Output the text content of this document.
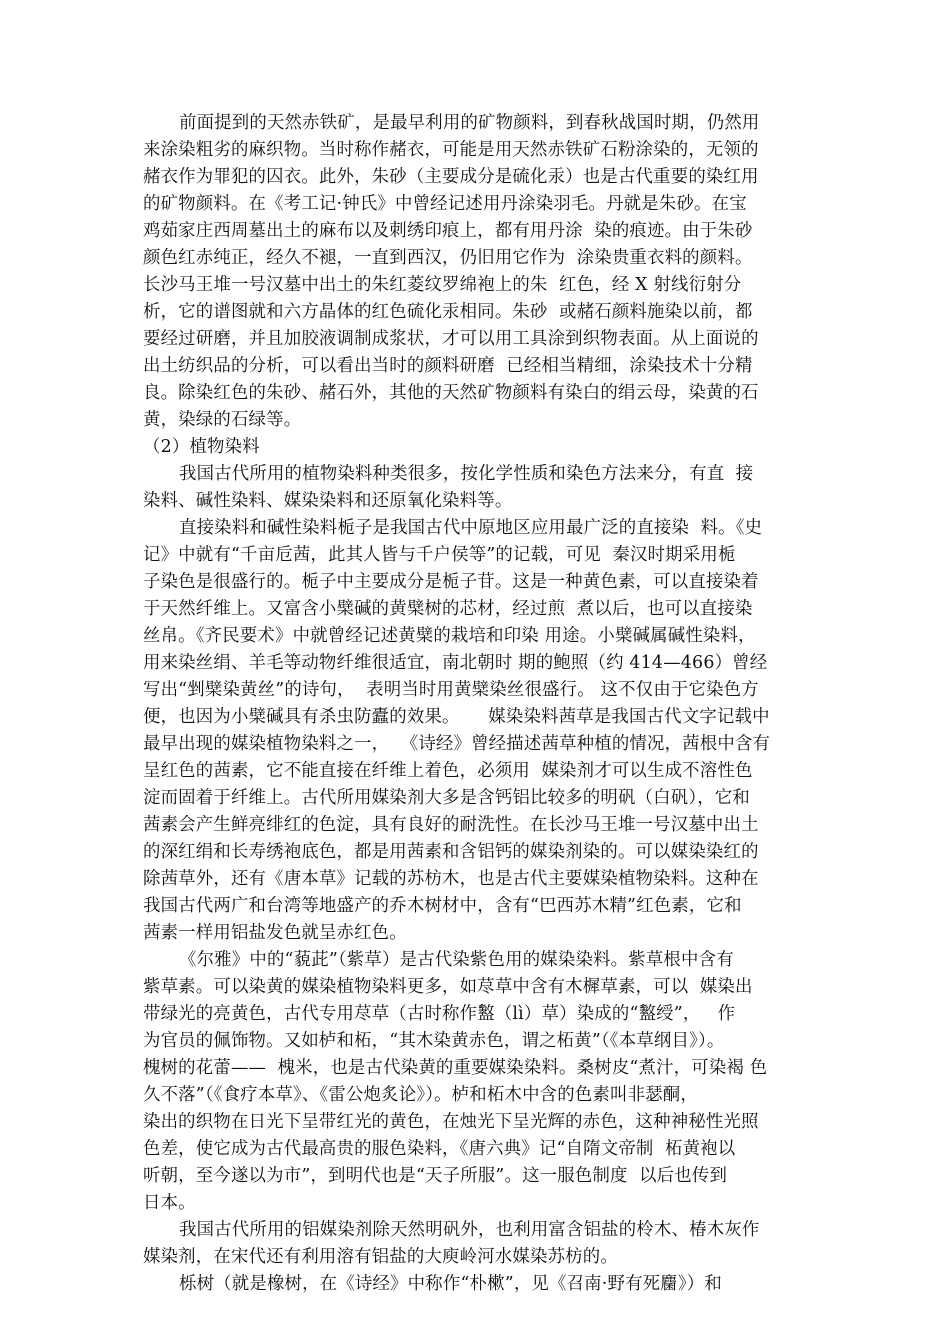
前面提到的天然赤铁矿，是最早利用的矿物颜料，到春秋战国时期，仍然用
来涂染粗劣的麻织物。当时称作赭衣，可能是用天然赤铁矿石粉涂染的，无领的
赭衣作为罪犯的囚衣。此外，朱砂（主要成分是硫化汞）也是古代重要的染红用
的矿物颜料。在《考工记·钟氏》中曾经记述用丹涂染羽毛。丹就是朱砂。在宝
鸡茹家庄西周墓出土的麻布以及刺绣印痕上，都有用丹涂  染的痕迹。由于朱砂
颜色红赤纯正，经久不褪，一直到西汉，仍旧用它作为  涂染贵重衣料的颜料。
长沙马王堆一号汉墓中出土的朱红菱纹罗绵袍上的朱  红色，经 X 射线衍射分
析，它的谱图就和六方晶体的红色硫化汞相同。朱砂  或赭石颜料施染以前，都
要经过研磨，并且加胶液调制成浆状，才可以用工具涂到织物表面。从上面说的
出土纺织品的分析，可以看出当时的颜料研磨  已经相当精细，涂染技术十分精
良。除染红色的朱砂、赭石外，其他的天然矿物颜料有染白的绢云母，染黄的石
黄，染绿的石绿等。
（2）植物染料
我国古代所用的植物染料种类很多，按化学性质和染色方法来分，有直  接
染料、碱性染料、媒染染料和还原氧化染料等。
直接染料和碱性染料栀子是我国古代中原地区应用最广泛的直接染  料。《史
记》中就有“千亩卮茜，此其人皆与千户侯等”的记载，可见  秦汉时期采用栀
子染色是很盛行的。栀子中主要成分是栀子苷。这是一种黄色素，可以直接染着
于天然纤维上。又富含小檗碱的黄檗树的芯材，经过煎  煮以后，也可以直接染
丝帛。《齐民要术》中就曾经记述黄檗的栽培和印染 用途。小檗碱属碱性染料，
用来染丝绢、羊毛等动物纤维很适宜，南北朝时 期的鲍照（约 414—466）曾经
写出“剉檗染黄丝”的诗句，  表明当时用黄檗染丝很盛行。 这不仅由于它染色方
便，也因为小檗碱具有杀虫防蠹的效果。     媒染染料茜草是我国古代文字记载中
最早出现的媒染植物染料之一，  《诗经》曾经描述茜草种植的情况，茜根中含有
呈红色的茜素，它不能直接在纤维上着色，必须用  媒染剂才可以生成不溶性色
淀而固着于纤维上。古代所用媒染剂大多是含钙铝比较多的明矾（白矾），它和
茜素会产生鲜亮绯红的色淀，具有良好的耐洗性。在长沙马王堆一号汉墓中出土
的深红绢和长寿绣袍底色，都是用茜素和含铝钙的媒染剂染的。可以媒染染红的
除茜草外，还有《唐本草》记载的苏枋木，也是古代主要媒染植物染料。这种在
我国古代两广和台湾等地盛产的乔木树材中，含有“巴西苏木精”红色素，它和
茜素一样用铝盐发色就呈赤红色。
《尔雅》中的“藐茈”（紫草）是古代染紫色用的媒染染料。紫草根中含有
紫草素。可以染黄的媒染植物染料更多，如荩草中含有木樨草素，可以  媒染出
带绿光的亮黄色，古代专用荩草（古时称作盭（lì）草）染成的“盭绶”，   作
为官员的佩饰物。又如栌和柘，“其木染黄赤色，谓之柘黄”（《本草纲目》）。
槐树的花蕾——  槐米，也是古代染黄的重要媒染染料。桑树皮“煮汁，可染褐 色
久不落”（《食疗本草》、《雷公炮炙论》）。栌和柘木中含的色素叫非瑟酮，
染出的织物在日光下呈带红光的黄色，在烛光下呈光辉的赤色，这种神秘性光照
色差，使它成为古代最高贵的服色染料，《唐六典》记“自隋文帝制  柘黄袍以
听朝，至今遂以为市”，到明代也是“天子所服”。这一服色制度  以后也传到
日本。
我国古代所用的铝媒染剂除天然明矾外，也利用富含铝盐的柃木、椿木灰作
媒染剂，在宋代还有利用溶有铝盐的大庾岭河水媒染苏枋的。
栎树（就是橡树，在《诗经》中称作“朴樕”，见《召南·野有死麕》）和
